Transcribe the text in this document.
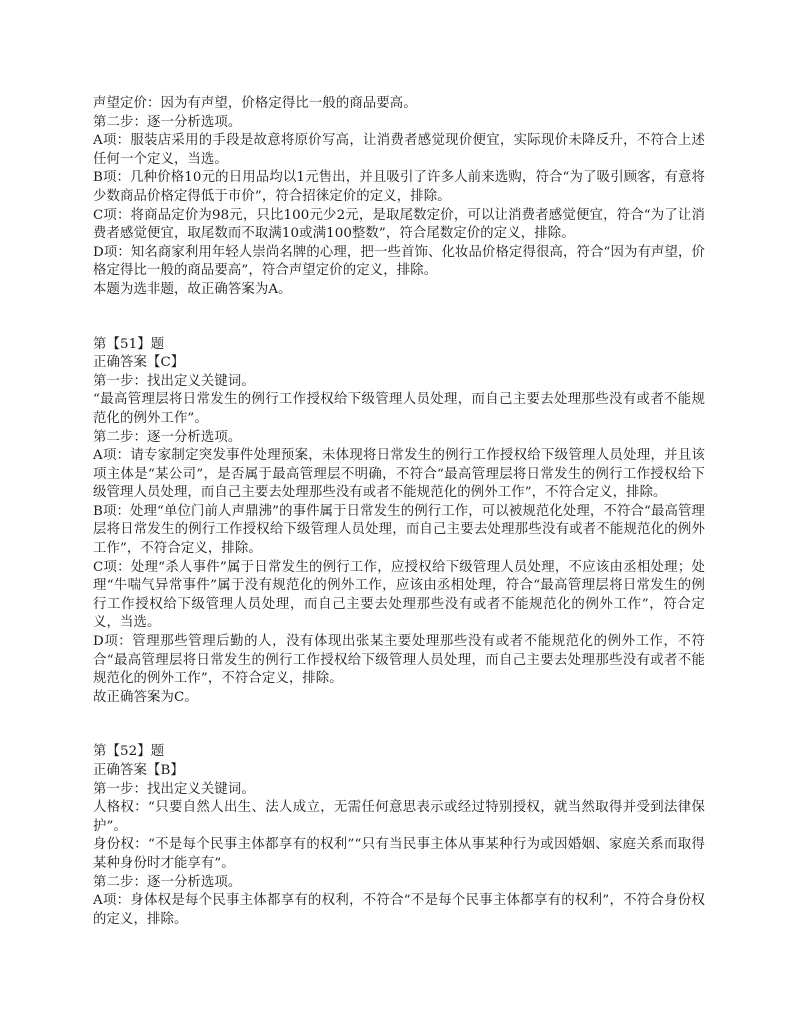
声望定价：因为有声望，价格定得比一般的商品要高。

第二步：逐一分析选项。

A项：服装店采用的手段是故意将原价写高，让消费者感觉现价便宜，实际现价未降反升，不符合上述任何一个定义，当选。

B项：几种价格10元的日用品均以1元售出，并且吸引了许多人前来选购，符合“为了吸引顾客，有意将少数商品价格定得低于市价”，符合招徕定价的定义，排除。

C项：将商品定价为98元，只比100元少2元，是取尾数定价，可以让消费者感觉便宜，符合“为了让消费者感觉便宜，取尾数而不取满10或满100整数”，符合尾数定价的定义，排除。

D项：知名商家利用年轻人崇尚名牌的心理，把一些首饰、化妆品价格定得很高，符合“因为有声望，价格定得比一般的商品要高”，符合声望定价的定义，排除。

本题为选非题，故正确答案为A。

第【51】题

正确答案【C】

第一步：找出定义关键词。

“最高管理层将日常发生的例行工作授权给下级管理人员处理，而自己主要去处理那些没有或者不能规范化的例外工作”。

第二步：逐一分析选项。

A项：请专家制定突发事件处理预案，未体现将日常发生的例行工作授权给下级管理人员处理，并且该项主体是“某公司”，是否属于最高管理层不明确，不符合“最高管理层将日常发生的例行工作授权给下级管理人员处理，而自己主要去处理那些没有或者不能规范化的例外工作”，不符合定义，排除。

B项：处理“单位门前人声鼎沸”的事件属于日常发生的例行工作，可以被规范化处理，不符合“最高管理层将日常发生的例行工作授权给下级管理人员处理，而自己主要去处理那些没有或者不能规范化的例外工作”，不符合定义，排除。

C项：处理“杀人事件”属于日常发生的例行工作，应授权给下级管理人员处理，不应该由丞相处理；处理“牛喘气异常事件”属于没有规范化的例外工作，应该由丞相处理，符合“最高管理层将日常发生的例行工作授权给下级管理人员处理，而自己主要去处理那些没有或者不能规范化的例外工作”，符合定义，当选。

D项：管理那些管理后勤的人，没有体现出张某主要处理那些没有或者不能规范化的例外工作，不符合“最高管理层将日常发生的例行工作授权给下级管理人员处理，而自己主要去处理那些没有或者不能规范化的例外工作”，不符合定义，排除。

故正确答案为C。

第【52】题

正确答案【B】

第一步：找出定义关键词。

人格权：“只要自然人出生、法人成立，无需任何意思表示或经过特别授权，就当然取得并受到法律保护”。

身份权：“不是每个民事主体都享有的权利”“只有当民事主体从事某种行为或因婚姻、家庭关系而取得某种身份时才能享有”。

第二步：逐一分析选项。

A项：身体权是每个民事主体都享有的权利，不符合“不是每个民事主体都享有的权利”，不符合身份权的定义，排除。
